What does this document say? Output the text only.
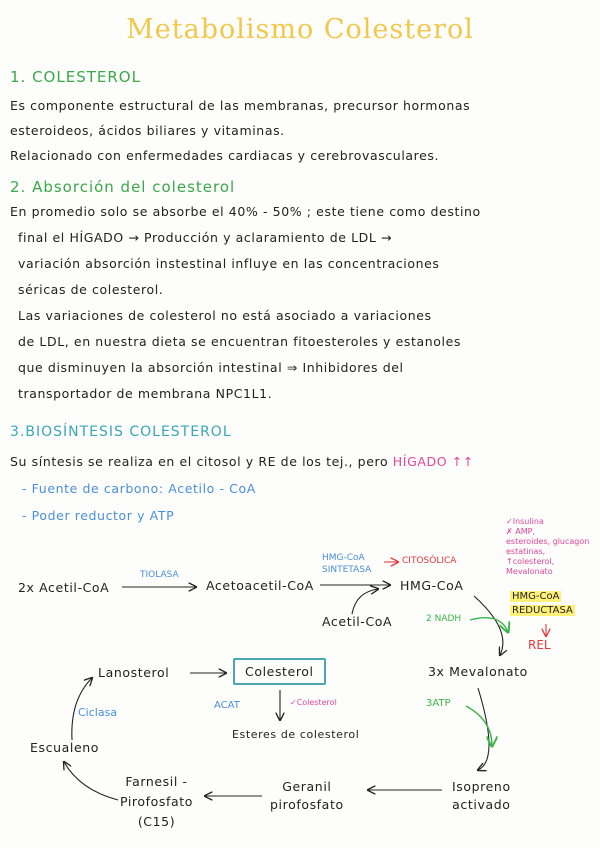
Metabolismo Colesterol
1. COLESTEROL
Es componente estructural de las membranas, precursor hormonas
esteroideos, ácidos biliares y vitaminas.
Relacionado con enfermedades cardiacas y cerebrovasculares.
2. Absorción del colesterol
En promedio solo se absorbe el 40% - 50% ; este tiene como destino
final el HÍGADO → Producción y aclaramiento de LDL →
variación absorción instestinal influye en las concentraciones
séricas de colesterol.
Las variaciones de colesterol no está asociado a variaciones
de LDL, en nuestra dieta se encuentran fitoesteroles y estanoles
que disminuyen la absorción intestinal ⇒ Inhibidores del
transportador de membrana NPC1L1.
3.BIOSÍNTESIS COLESTEROL
Su síntesis se realiza en el citosol y RE de los tej., pero HÍGADO ↑↑
- Fuente de carbono: Acetilo - CoA
- Poder reductor y ATP
2x Acetil-CoA
TIOLASA
Acetoacetil-CoA
HMG-CoA
SINTETASA
CITOSÓLICA
HMG-CoA
Acetil-CoA
✓Insulina
✗ AMP,
esteroides, glucagon
estatinas,
↑colesterol,
Mevalonato
HMG-CoA
REDUCTASA
REL
2 NADH
3x Mevalonato
3ATP
Isopreno
activado
Geranil
pirofosfato
Farnesil -
Pirofosfato
(C15)
Escualeno
Ciclasa
Lanosterol	Colesterol
ACAT	✓Colesterol
Esteres de colesterol
